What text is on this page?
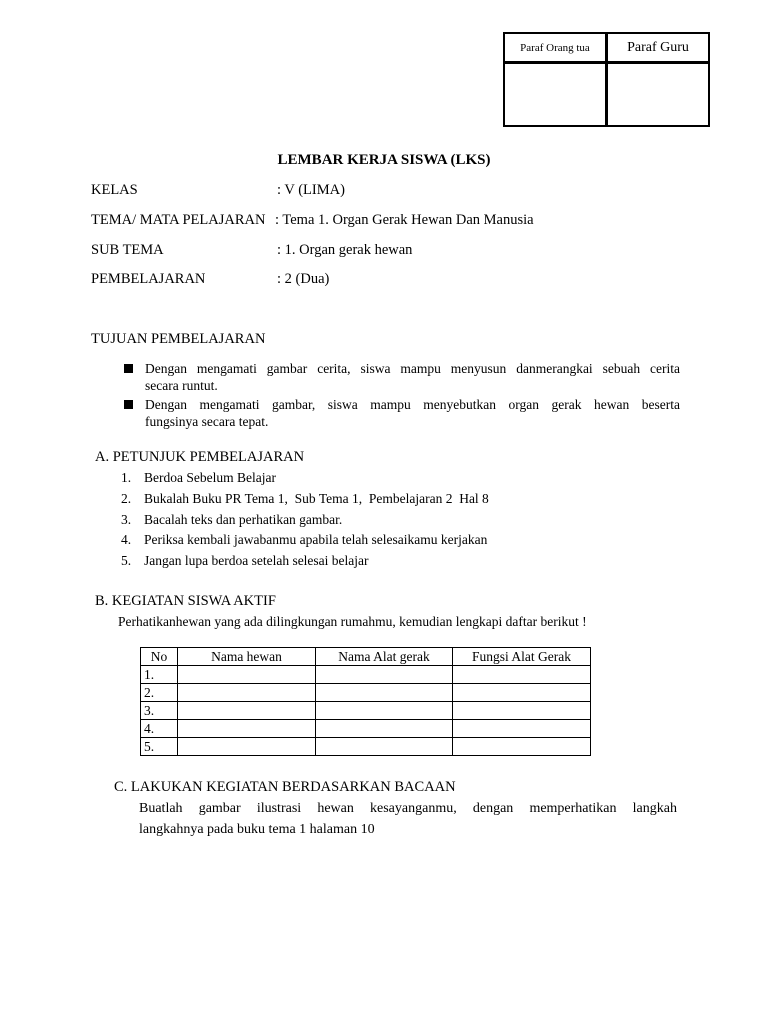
Paraf Orang tua	Paraf Guru
LEMBAR KERJA SISWA (LKS)
KELAS	: V (LIMA)
TEMA/ MATA PELAJARAN : Tema 1. Organ Gerak Hewan Dan Manusia
SUB TEMA	: 1. Organ gerak hewan
PEMBELAJARAN	: 2 (Dua)
TUJUAN PEMBELAJARAN
Dengan mengamati gambar cerita, siswa mampu menyusun danmerangkai sebuah cerita
secara runtut.
Dengan mengamati gambar, siswa mampu menyebutkan organ gerak hewan beserta
fungsinya secara tepat.
A. PETUNJUK PEMBELAJARAN
1. Berdoa Sebelum Belajar
2. Bukalah Buku PR Tema 1,  Sub Tema 1,  Pembelajaran 2  Hal 8
3. Bacalah teks dan perhatikan gambar.
4. Periksa kembali jawabanmu apabila telah selesaikamu kerjakan
5. Jangan lupa berdoa setelah selesai belajar
B. KEGIATAN SISWA AKTIF
Perhatikanhewan yang ada dilingkungan rumahmu, kemudian lengkapi daftar berikut !
No	Nama hewan	Nama Alat gerak	Fungsi Alat Gerak
1.			
2.			
3.			
4.			
5.			
C. LAKUKAN KEGIATAN BERDASARKAN BACAAN
Buatlah gambar ilustrasi hewan kesayanganmu, dengan memperhatikan langkah
langkahnya pada buku tema 1 halaman 10
